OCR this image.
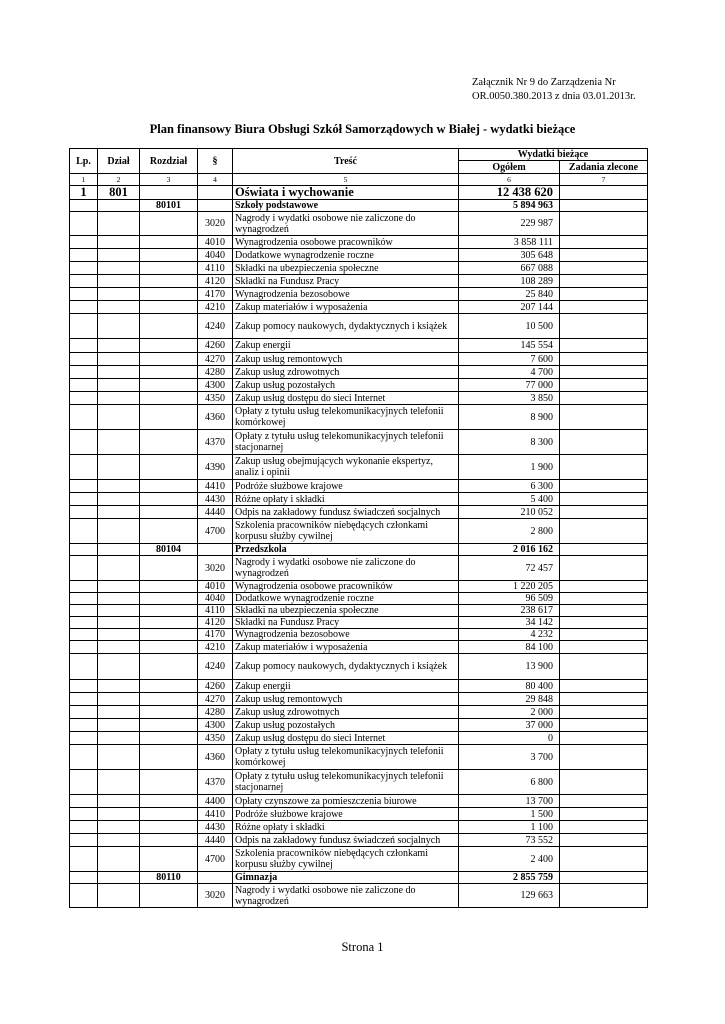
Załącznik Nr 9 do Zarządzenia Nr
OR.0050.380.2013 z dnia 03.01.2013r.
Plan finansowy Biura Obsługi Szkół Samorządowych w Białej - wydatki bieżące
Lp.	Dział	Rozdział	§	Treść	Wydatki bieżące	
					Ogółem	Zadania zlecone
1	2	3	4	5	6	7
1	801			Oświata i wychowanie	12 438 620	
		80101		Szkoły podstawowe	5 894 963	
			3020	Nagrody i wydatki osobowe nie zaliczone do wynagrodzeń	229 987	
			4010	Wynagrodzenia osobowe pracowników	3 858 111	
			4040	Dodatkowe wynagrodzenie roczne	305 648	
			4110	Składki na ubezpieczenia społeczne	667 088	
			4120	Składki na Fundusz Pracy	108 289	
			4170	Wynagrodzenia bezosobowe	25 840	
			4210	Zakup materiałów i wyposażenia	207 144	
			4240	Zakup pomocy naukowych, dydaktycznych i książek	10 500	
			4260	Zakup energii	145 554	
			4270	Zakup usług remontowych	7 600	
			4280	Zakup usług zdrowotnych	4 700	
			4300	Zakup usług pozostałych	77 000	
			4350	Zakup usług dostępu do sieci Internet	3 850	
			4360	Opłaty z tytułu usług telekomunikacyjnych telefonii komórkowej	8 900	
			4370	Opłaty z tytułu usług telekomunikacyjnych telefonii stacjonarnej	8 300	
			4390	Zakup usług obejmujących wykonanie ekspertyz, analiz i opinii	1 900	
			4410	Podróże służbowe krajowe	6 300	
			4430	Różne opłaty i składki	5 400	
			4440	Odpis na zakładowy fundusz świadczeń socjalnych	210 052	
			4700	Szkolenia pracowników niebędących członkami korpusu służby cywilnej	2 800	
		80104		Przedszkola	2 016 162	
			3020	Nagrody i wydatki osobowe nie zaliczone do wynagrodzeń	72 457	
			4010	Wynagrodzenia osobowe pracowników	1 220 205	
			4040	Dodatkowe wynagrodzenie roczne	96 509	
			4110	Składki na ubezpieczenia społeczne	238 617	
			4120	Składki na Fundusz Pracy	34 142	
			4170	Wynagrodzenia bezosobowe	4 232	
			4210	Zakup materiałów i wyposażenia	84 100	
			4240	Zakup pomocy naukowych, dydaktycznych i książek	13 900	
			4260	Zakup energii	80 400	
			4270	Zakup usług remontowych	29 848	
			4280	Zakup usług zdrowotnych	2 000	
			4300	Zakup usług pozostałych	37 000	
			4350	Zakup usług dostępu do sieci Internet	0	
			4360	Opłaty z tytułu usług telekomunikacyjnych telefonii komórkowej	3 700	
			4370	Opłaty z tytułu usług telekomunikacyjnych telefonii stacjonarnej	6 800	
			4400	Opłaty czynszowe za pomieszczenia biurowe	13 700	
			4410	Podróże służbowe krajowe	1 500	
			4430	Różne opłaty i składki	1 100	
			4440	Odpis na zakładowy fundusz świadczeń socjalnych	73 552	
			4700	Szkolenia pracowników niebędących członkami korpusu służby cywilnej	2 400	
		80110		Gimnazja	2 855 759	
			3020	Nagrody i wydatki osobowe nie zaliczone do wynagrodzeń	129 663	
Strona 1
